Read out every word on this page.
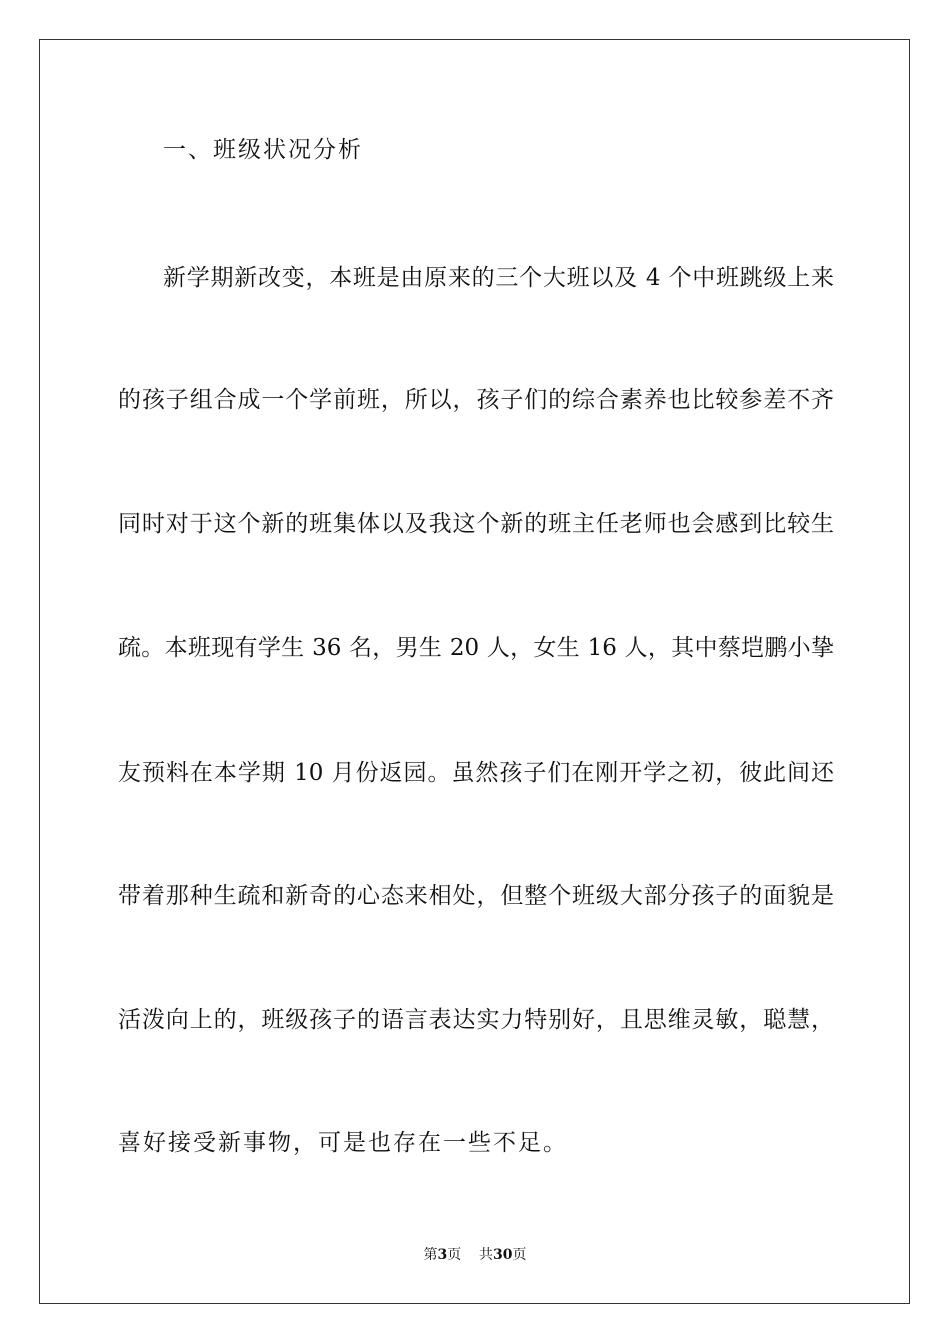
一、班级状况分析
新学期新改变，本班是由原来的三个大班以及 4 个中班跳级上来
的孩子组合成一个学前班，所以，孩子们的综合素养也比较参差不齐
同时对于这个新的班集体以及我这个新的班主任老师也会感到比较生
疏。本班现有学生 36 名，男生 20 人，女生 16 人，其中蔡垲鹏小挚
友预料在本学期 10 月份返园。虽然孩子们在刚开学之初，彼此间还
带着那种生疏和新奇的心态来相处，但整个班级大部分孩子的面貌是
活泼向上的，班级孩子的语言表达实力特别好，且思维灵敏，聪慧，
喜好接受新事物，可是也存在一些不足。
第3页 共30页
